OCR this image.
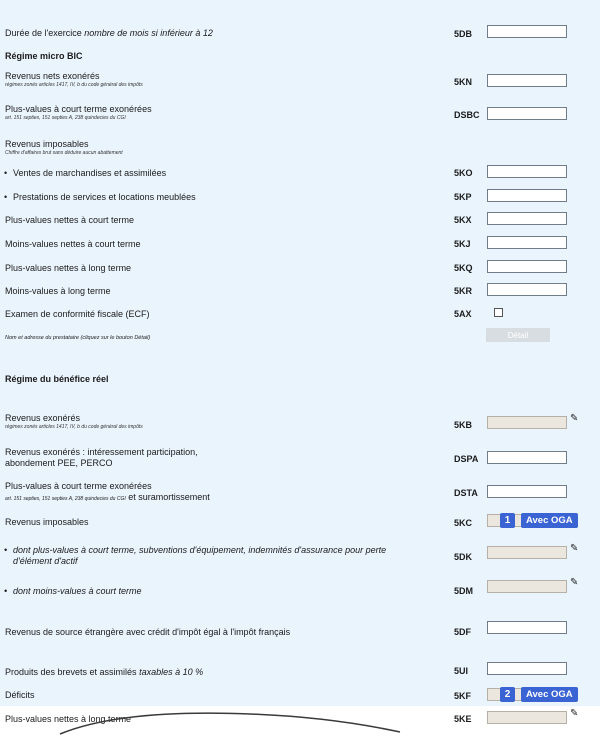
Durée de l'exercice nombre de mois si inférieur à 12	5DB
Régime micro BIC
Revenus nets exonérés
régimes zonés articles 1417, IV, b du code général des impôts	5KN
Plus-values à court terme exonérées
art. 151 septies, 151 septies A, 238 quindecies du CGI	DSBC
Revenus imposables
Chiffre d'affaires brut sans déduire aucun abattement
• Ventes de marchandises et assimilées	5KO
• Prestations de services et locations meublées	5KP
Plus-values nettes à court terme	5KX
Moins-values nettes à court terme	5KJ
Plus-values nettes à long terme	5KQ
Moins-values à long terme	5KR
Examen de conformité fiscale (ECF)	5AX
Nom et adresse du prestataire (cliquez sur le bouton Détail)	Détail
Régime du bénéfice réel
Revenus exonérés
régimes zonés articles 1417, IV, b du code général des impôts	5KB
✎
Revenus exonérés : intéressement participation,
abondement PEE, PERCO	DSPA
Plus-values à court terme exonérées
art. 151 septies, 151 septies A, 238 quindecies du CGI et suramortissement	DSTA
Revenus imposables	5KC	1	Avec OGA
• dont plus-values à court terme, subventions d'équipement, indemnités d'assurance pour perte
d'élément d'actif	5DK
✎
• dont moins-values à court terme	5DM
✎
Revenus de source étrangère avec crédit d'impôt égal à l'impôt français	5DF
Produits des brevets et assimilés taxables à 10 %	5UI
Déficits	5KF	2	Avec OGA
Plus-values nettes à long terme	5KE	✎
